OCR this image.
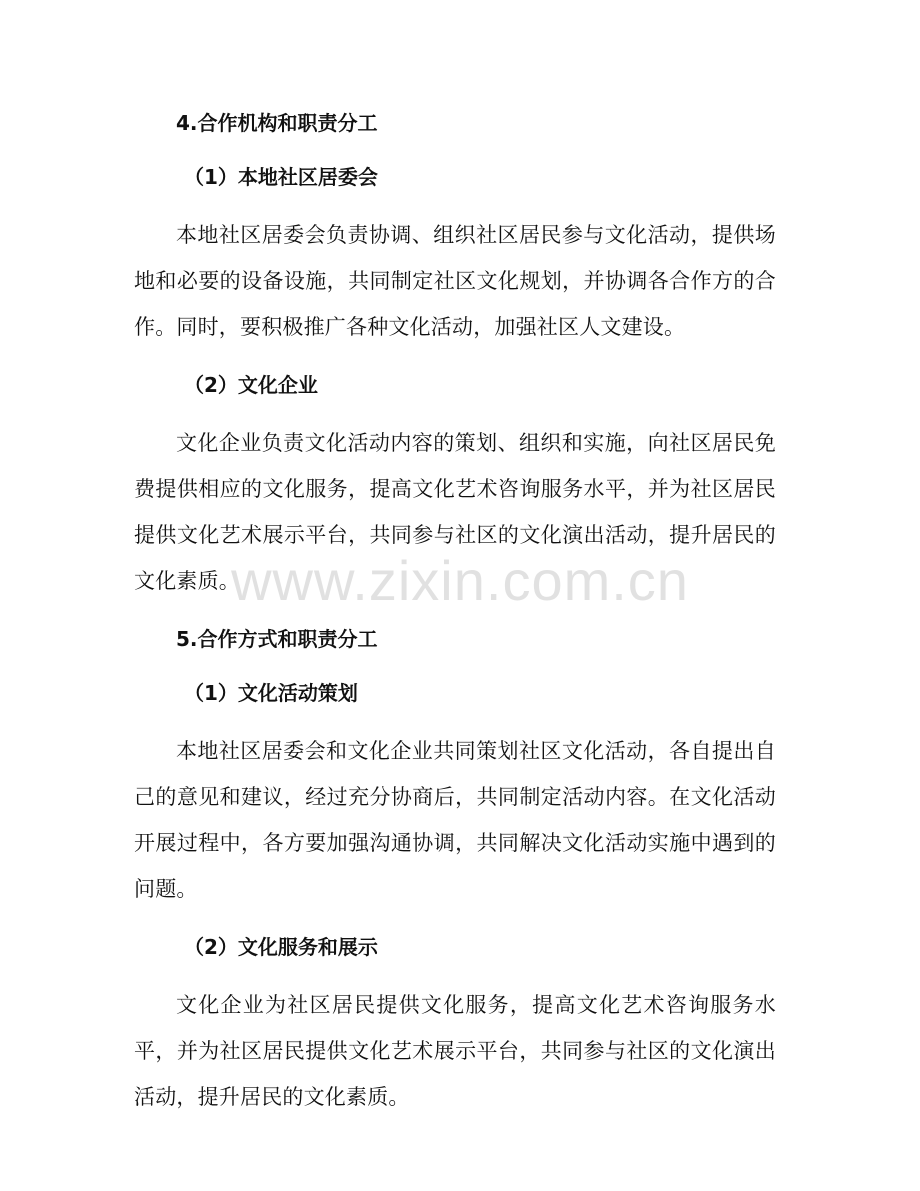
4.合作机构和职责分工
（1）本地社区居委会

本地社区居委会负责协调、组织社区居民参与文化活动，提供场地和必要的设备设施，共同制定社区文化规划，并协调各合作方的合作。同时，要积极推广各种文化活动，加强社区人文建设。

（2）文化企业

文化企业负责文化活动内容的策划、组织和实施，向社区居民免费提供相应的文化服务，提高文化艺术咨询服务水平，并为社区居民提供文化艺术展示平台，共同参与社区的文化演出活动，提升居民的文化素质。

5.合作方式和职责分工
（1）文化活动策划

本地社区居委会和文化企业共同策划社区文化活动，各自提出自己的意见和建议，经过充分协商后，共同制定活动内容。在文化活动开展过程中，各方要加强沟通协调，共同解决文化活动实施中遇到的问题。

（2）文化服务和展示

文化企业为社区居民提供文化服务，提高文化艺术咨询服务水平，并为社区居民提供文化艺术展示平台，共同参与社区的文化演出活动，提升居民的文化素质。

www.zixin.com.cn
